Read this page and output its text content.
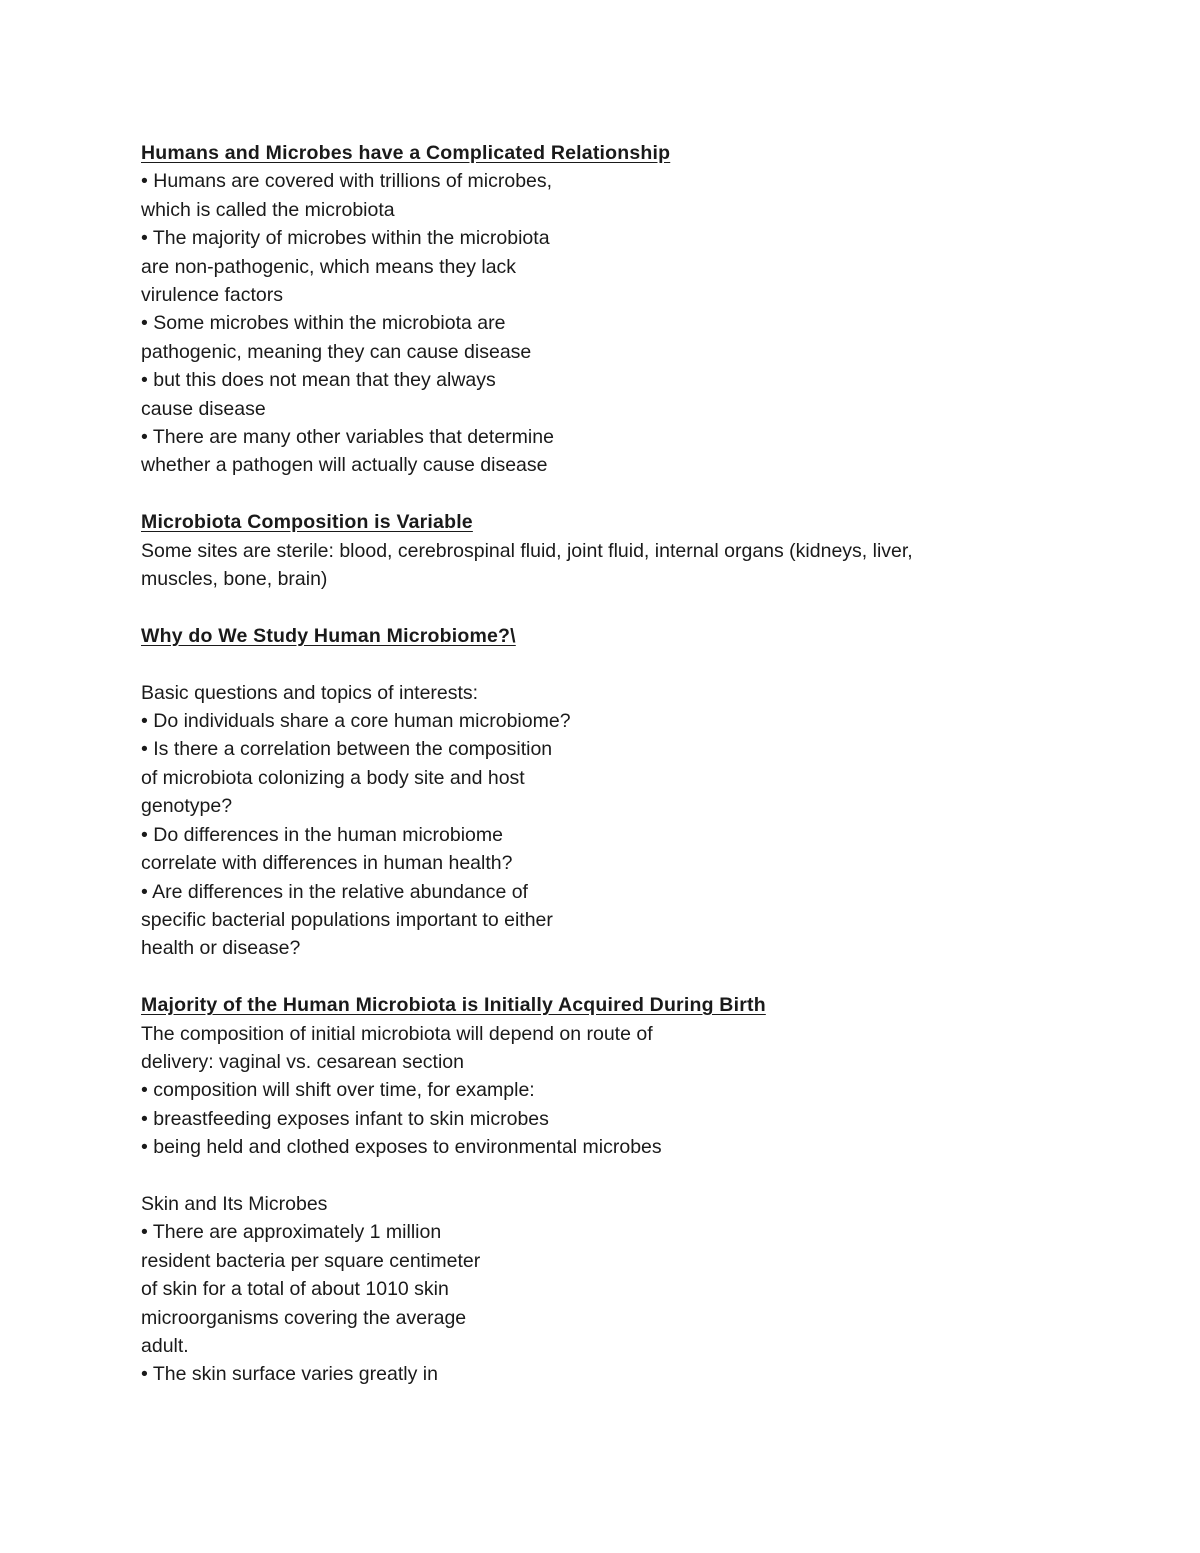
Humans and Microbes have a Complicated Relationship
• Humans are covered with trillions of microbes,
which is called the microbiota
• The majority of microbes within the microbiota
are non-pathogenic, which means they lack
virulence factors
• Some microbes within the microbiota are
pathogenic, meaning they can cause disease
• but this does not mean that they always
cause disease
• There are many other variables that determine
whether a pathogen will actually cause disease
Microbiota Composition is Variable
Some sites are sterile: blood, cerebrospinal fluid, joint fluid, internal organs (kidneys, liver,
muscles, bone, brain)
Why do We Study Human Microbiome?\
Basic questions and topics of interests:
• Do individuals share a core human microbiome?
• Is there a correlation between the composition
of microbiota colonizing a body site and host
genotype?
• Do differences in the human microbiome
correlate with differences in human health?
• Are differences in the relative abundance of
specific bacterial populations important to either
health or disease?
Majority of the Human Microbiota is Initially Acquired During Birth
The composition of initial microbiota will depend on route of
delivery: vaginal vs. cesarean section
• composition will shift over time, for example:
• breastfeeding exposes infant to skin microbes
• being held and clothed exposes to environmental microbes
Skin and Its Microbes
• There are approximately 1 million
resident bacteria per square centimeter
of skin for a total of about 1010 skin
microorganisms covering the average
adult.
• The skin surface varies greatly in
